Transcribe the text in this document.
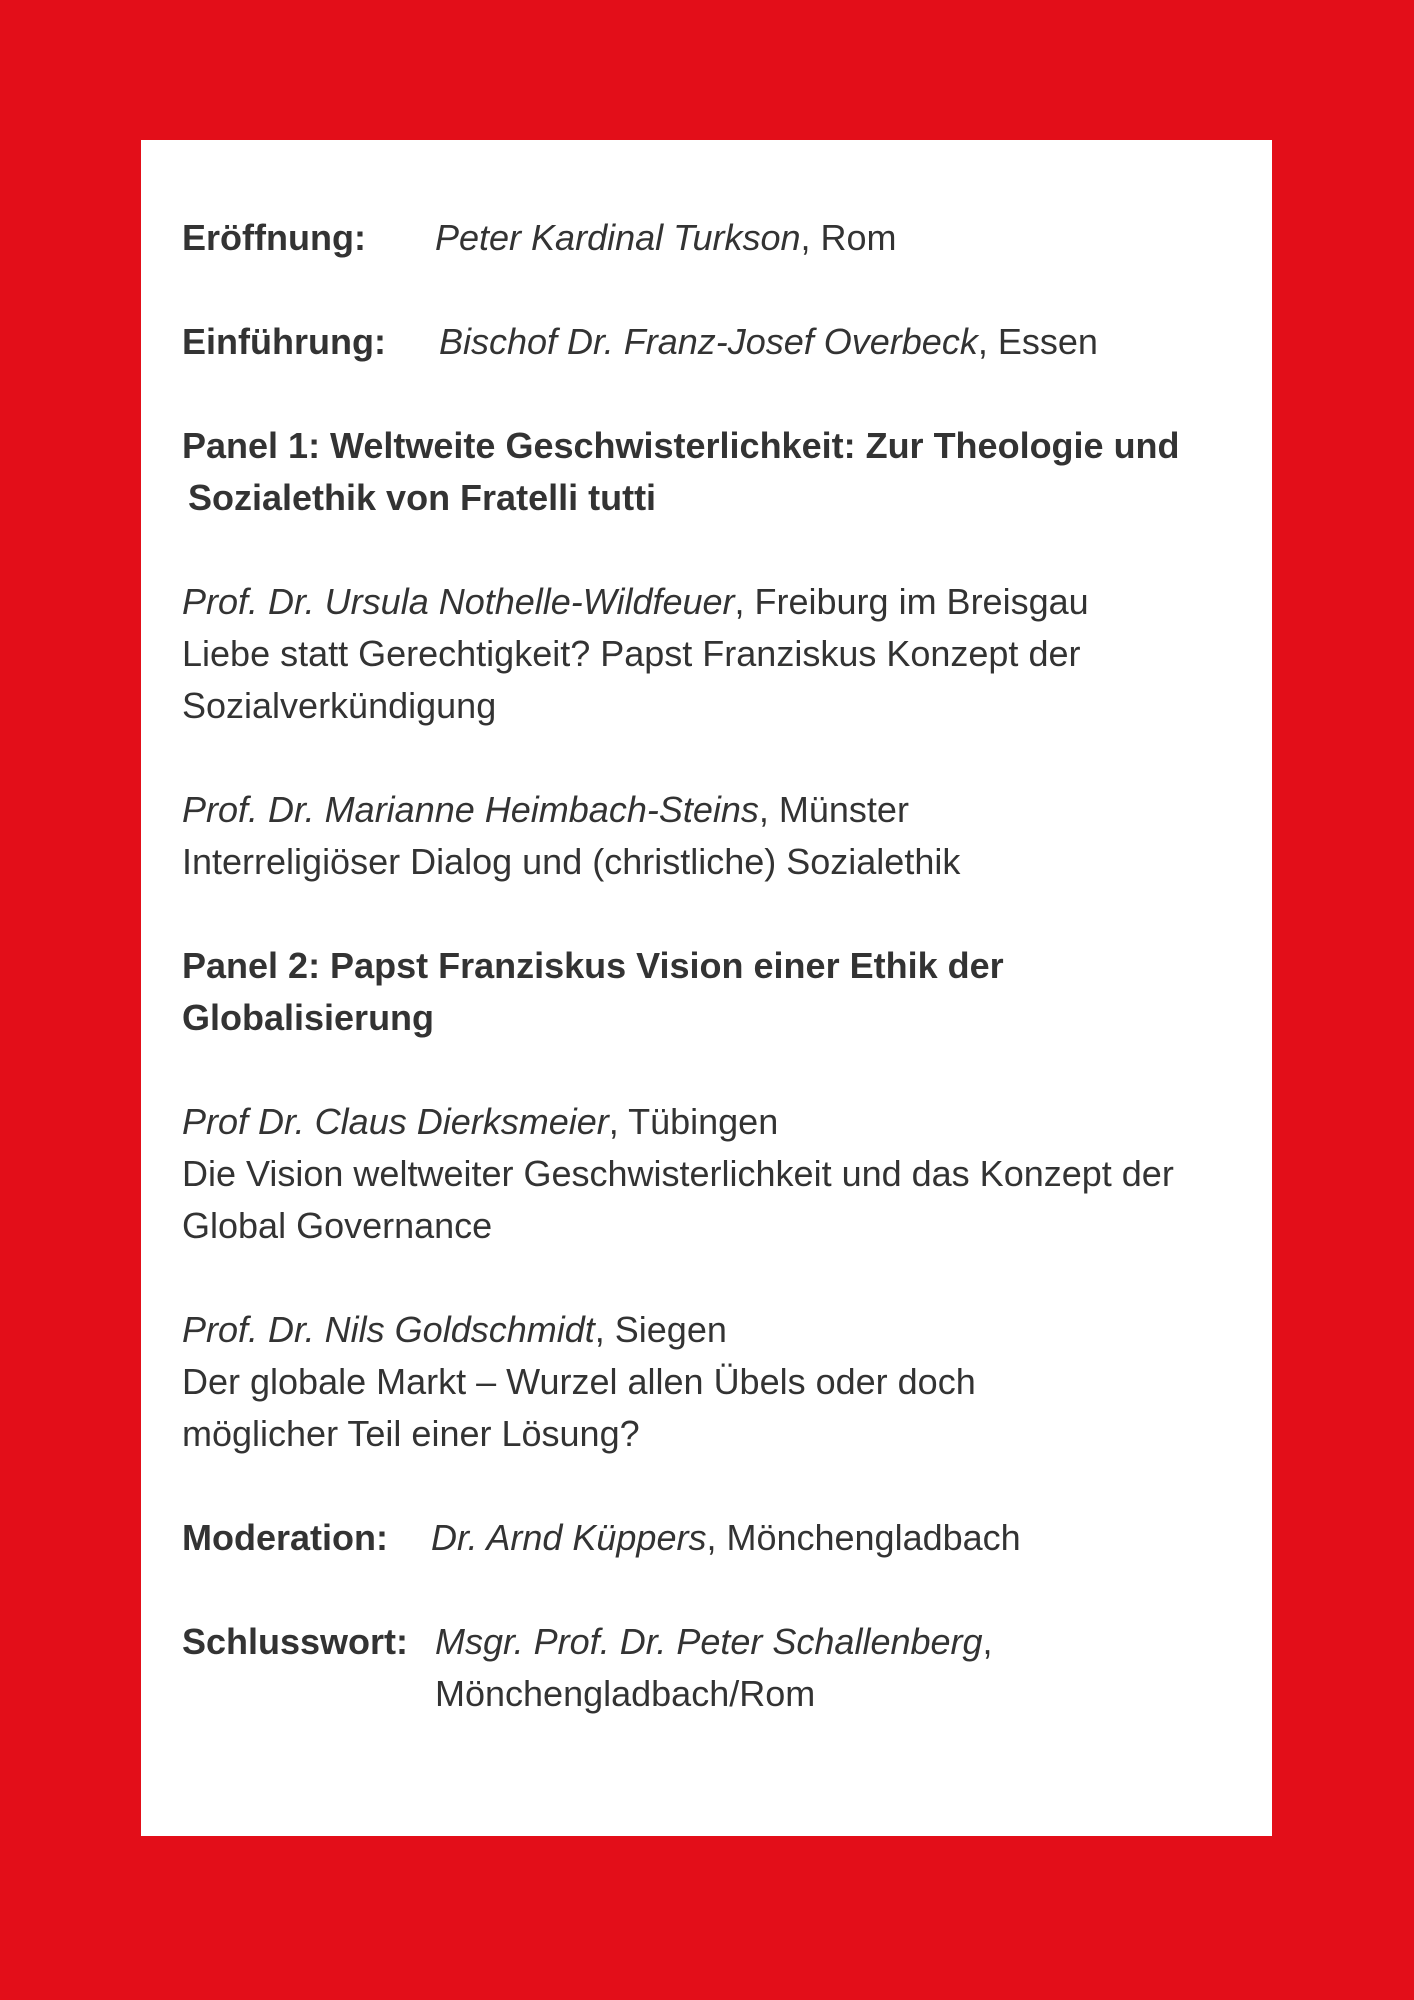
Eröffnung:	Peter Kardinal Turkson, Rom
Einführung:	Bischof Dr. Franz-Josef Overbeck, Essen
Panel 1: Weltweite Geschwisterlichkeit: Zur Theologie und
Sozialethik von Fratelli tutti
Prof. Dr. Ursula Nothelle-Wildfeuer, Freiburg im Breisgau
Liebe statt Gerechtigkeit? Papst Franziskus Konzept der
Sozialverkündigung
Prof. Dr. Marianne Heimbach-Steins, Münster
Interreligiöser Dialog und (christliche) Sozialethik
Panel 2: Papst Franziskus Vision einer Ethik der
Globalisierung
Prof Dr. Claus Dierksmeier, Tübingen
Die Vision weltweiter Geschwisterlichkeit und das Konzept der
Global Governance
Prof. Dr. Nils Goldschmidt, Siegen
Der globale Markt – Wurzel allen Übels oder doch
möglicher Teil einer Lösung?
Moderation:	Dr. Arnd Küppers, Mönchengladbach
Schlusswort: Msgr. Prof. Dr. Peter Schallenberg,
Mönchengladbach/Rom
